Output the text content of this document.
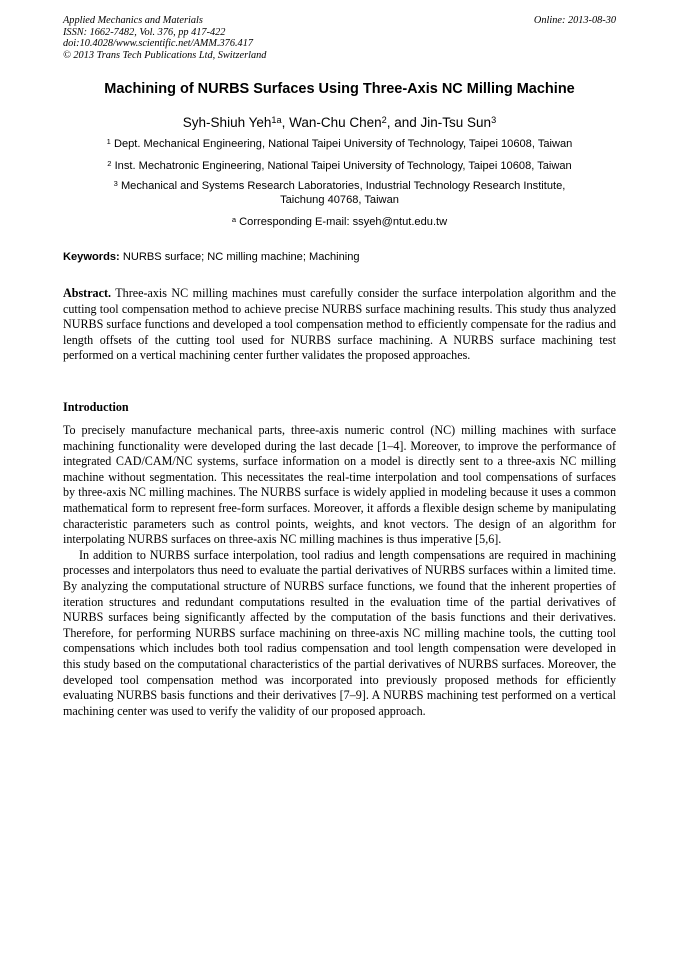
Applied Mechanics and Materials
ISSN: 1662-7482, Vol. 376, pp 417-422
doi:10.4028/www.scientific.net/AMM.376.417
© 2013 Trans Tech Publications Ltd, Switzerland
Online: 2013-08-30
Machining of NURBS Surfaces Using Three-Axis NC Milling Machine
Syh-Shiuh Yeh$^{1a}$, Wan-Chu Chen$^2$, and Jin-Tsu Sun$^3$
$^1$ Dept. Mechanical Engineering, National Taipei University of Technology, Taipei 10608, Taiwan
$^2$ Inst. Mechatronic Engineering, National Taipei University of Technology, Taipei 10608, Taiwan
$^3$ Mechanical and Systems Research Laboratories, Industrial Technology Research Institute,
Taichung 40768, Taiwan
$^a$ Corresponding E-mail: ssyeh@ntut.edu.tw
Keywords: NURBS surface; NC milling machine; Machining
Abstract. Three-axis NC milling machines must carefully consider the surface interpolation algorithm and the cutting tool compensation method to achieve precise NURBS surface machining results. This study thus analyzed NURBS surface functions and developed a tool compensation method to efficiently compensate for the radius and length offsets of the cutting tool used for NURBS surface machining. A NURBS surface machining test performed on a vertical machining center further validates the proposed approaches.
Introduction
To precisely manufacture mechanical parts, three-axis numeric control (NC) milling machines with surface machining functionality were developed during the last decade [1–4]. Moreover, to improve the performance of integrated CAD/CAM/NC systems, surface information on a model is directly sent to a three-axis NC milling machine without segmentation. This necessitates the real-time interpolation and tool compensations of surfaces by three-axis NC milling machines. The NURBS surface is widely applied in modeling because it uses a common mathematical form to represent free-form surfaces. Moreover, it affords a flexible design scheme by manipulating characteristic parameters such as control points, weights, and knot vectors. The design of an algorithm for interpolating NURBS surfaces on three-axis NC milling machines is thus imperative [5,6].
In addition to NURBS surface interpolation, tool radius and length compensations are required in machining processes and interpolators thus need to evaluate the partial derivatives of NURBS surfaces within a limited time. By analyzing the computational structure of NURBS surface functions, we found that the inherent properties of iteration structures and redundant computations resulted in the evaluation time of the partial derivatives of NURBS surfaces being significantly affected by the computation of the basis functions and their derivatives. Therefore, for performing NURBS surface machining on three-axis NC milling machine tools, the cutting tool compensations which includes both tool radius compensation and tool length compensation were developed in this study based on the computational characteristics of the partial derivatives of NURBS surfaces. Moreover, the developed tool compensation method was incorporated into previously proposed methods for efficiently evaluating NURBS basis functions and their derivatives [7–9]. A NURBS machining test performed on a vertical machining center was used to verify the validity of our proposed approach.
